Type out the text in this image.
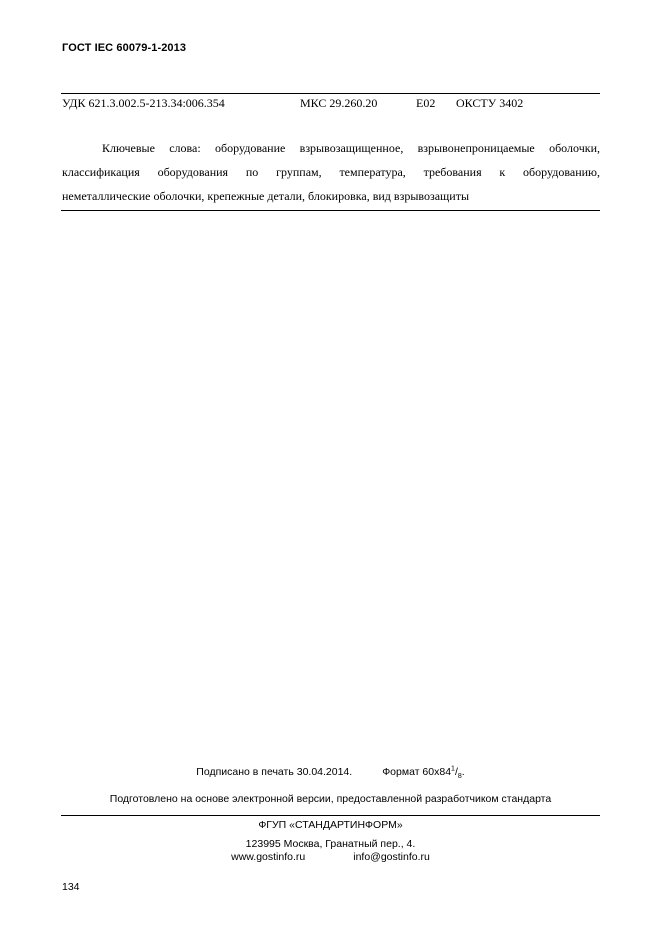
ГОСТ IEC 60079-1-2013
УДК 621.3.002.5-213.34:006.354	МКС 29.260.20	Е02 ОКСТУ 3402
Ключевые слова: оборудование взрывозащищенное, взрывонепроницаемые оболочки,
классификация оборудования по группам, температура, требования к оборудованию,
неметаллические оболочки, крепежные детали, блокировка, вид взрывозащиты
Подписано в печать 30.04.2014.	Формат $60x84^1/_8$.
Подготовлено на основе электронной версии, предоставленной разработчиком стандарта
ФГУП «СТАНДАРТИНФОРМ»
123995 Москва, Гранатный пер., 4.
www.gostinfo.ru	info@gostinfo.ru
134
